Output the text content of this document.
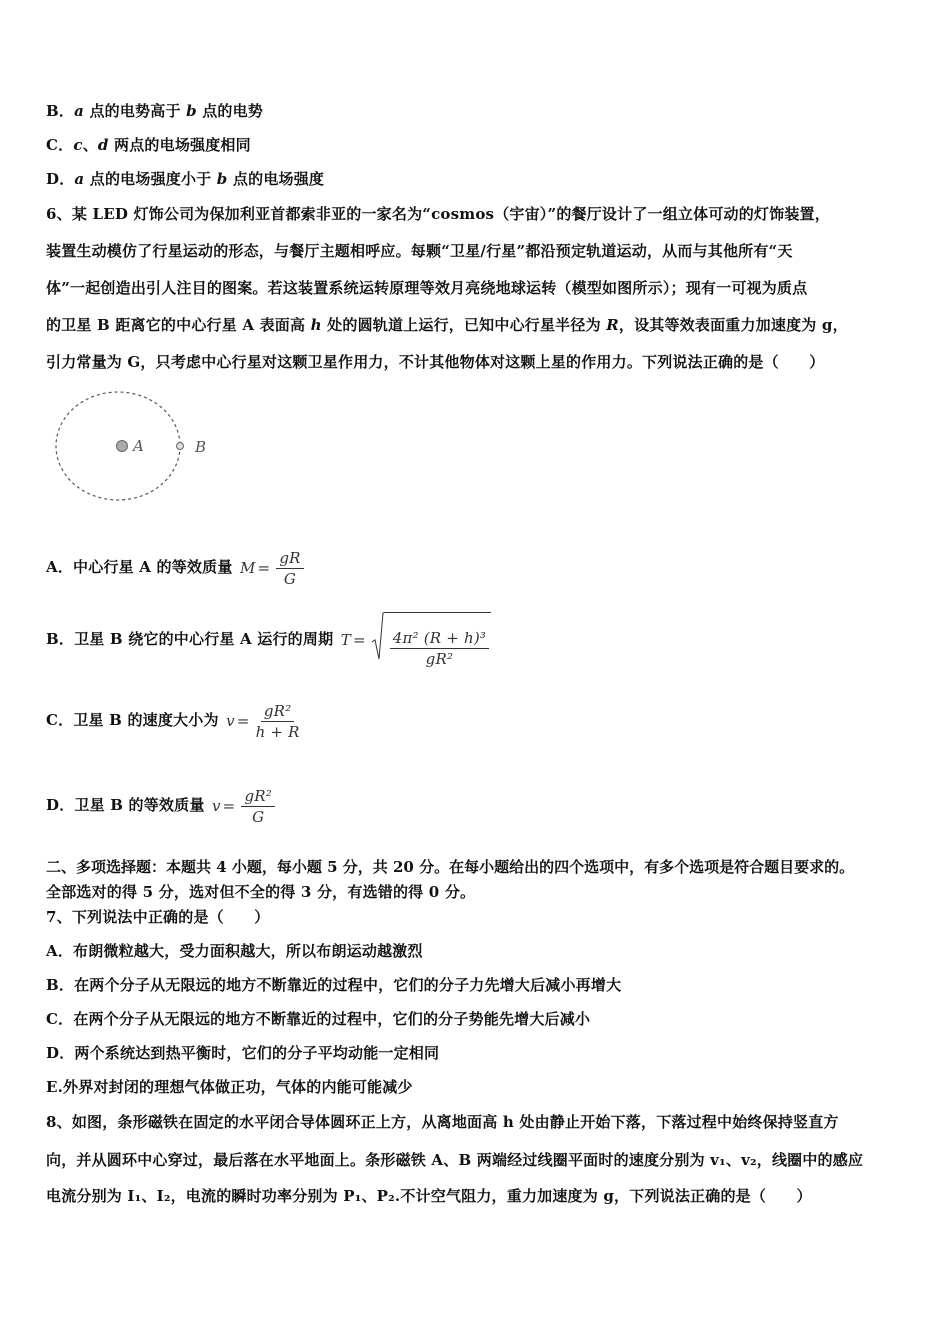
B．a 点的电势高于 b 点的电势
C．c、d 两点的电场强度相同
D．a 点的电场强度小于 b 点的电场强度
6、某 LED 灯饰公司为保加利亚首都索非亚的一家名为“cosmos（宇宙）”的餐厅设计了一组立体可动的灯饰装置，
装置生动模仿了行星运动的形态，与餐厅主题相呼应。每颗“卫星/行星”都沿预定轨道运动，从而与其他所有“天
体”一起创造出引人注目的图案。若这装置系统运转原理等效月亮绕地球运转（模型如图所示）；现有一可视为质点
的卫星 B 距离它的中心行星 A 表面高 h 处的圆轨道上运行，已知中心行星半径为 R，设其等效表面重力加速度为 g，
引力常量为 G，只考虑中心行星对这颗卫星作用力，不计其他物体对这颗上星的作用力。下列说法正确的是（　　）
A	B
A．中心行星 A 的等效质量 $M = \frac{gR}{G}$
B．卫星 B 绕它的中心行星 A 运行的周期 $T = \frac{\text{4π² (R + h)³}}{\text{gR²}}$
C．卫星 B 的速度大小为 $v = \frac{\text{gR²}}{h + R}$
D．卫星 B 的等效质量 $v = \frac{\text{gR²}}{G}$
二、多项选择题：本题共 4 小题，每小题 5 分，共 20 分。在每小题给出的四个选项中，有多个选项是符合题目要求的。
全部选对的得 5 分，选对但不全的得 3 分，有选错的得 0 分。
7、下列说法中正确的是（　　）
A．布朗微粒越大，受力面积越大，所以布朗运动越激烈
B．在两个分子从无限远的地方不断靠近的过程中，它们的分子力先增大后减小再增大
C．在两个分子从无限远的地方不断靠近的过程中，它们的分子势能先增大后减小
D．两个系统达到热平衡时，它们的分子平均动能一定相同
E.外界对封闭的理想气体做正功，气体的内能可能减少
8、如图，条形磁铁在固定的水平闭合导体圆环正上方，从离地面高 h 处由静止开始下落，下落过程中始终保持竖直方
向，并从圆环中心穿过，最后落在水平地面上。条形磁铁 A、B 两端经过线圈平面时的速度分别为 v₁、v₂，线圈中的感应
电流分别为 I₁、I₂，电流的瞬时功率分别为 P₁、P₂.不计空气阻力，重力加速度为 g，下列说法正确的是（　　）
